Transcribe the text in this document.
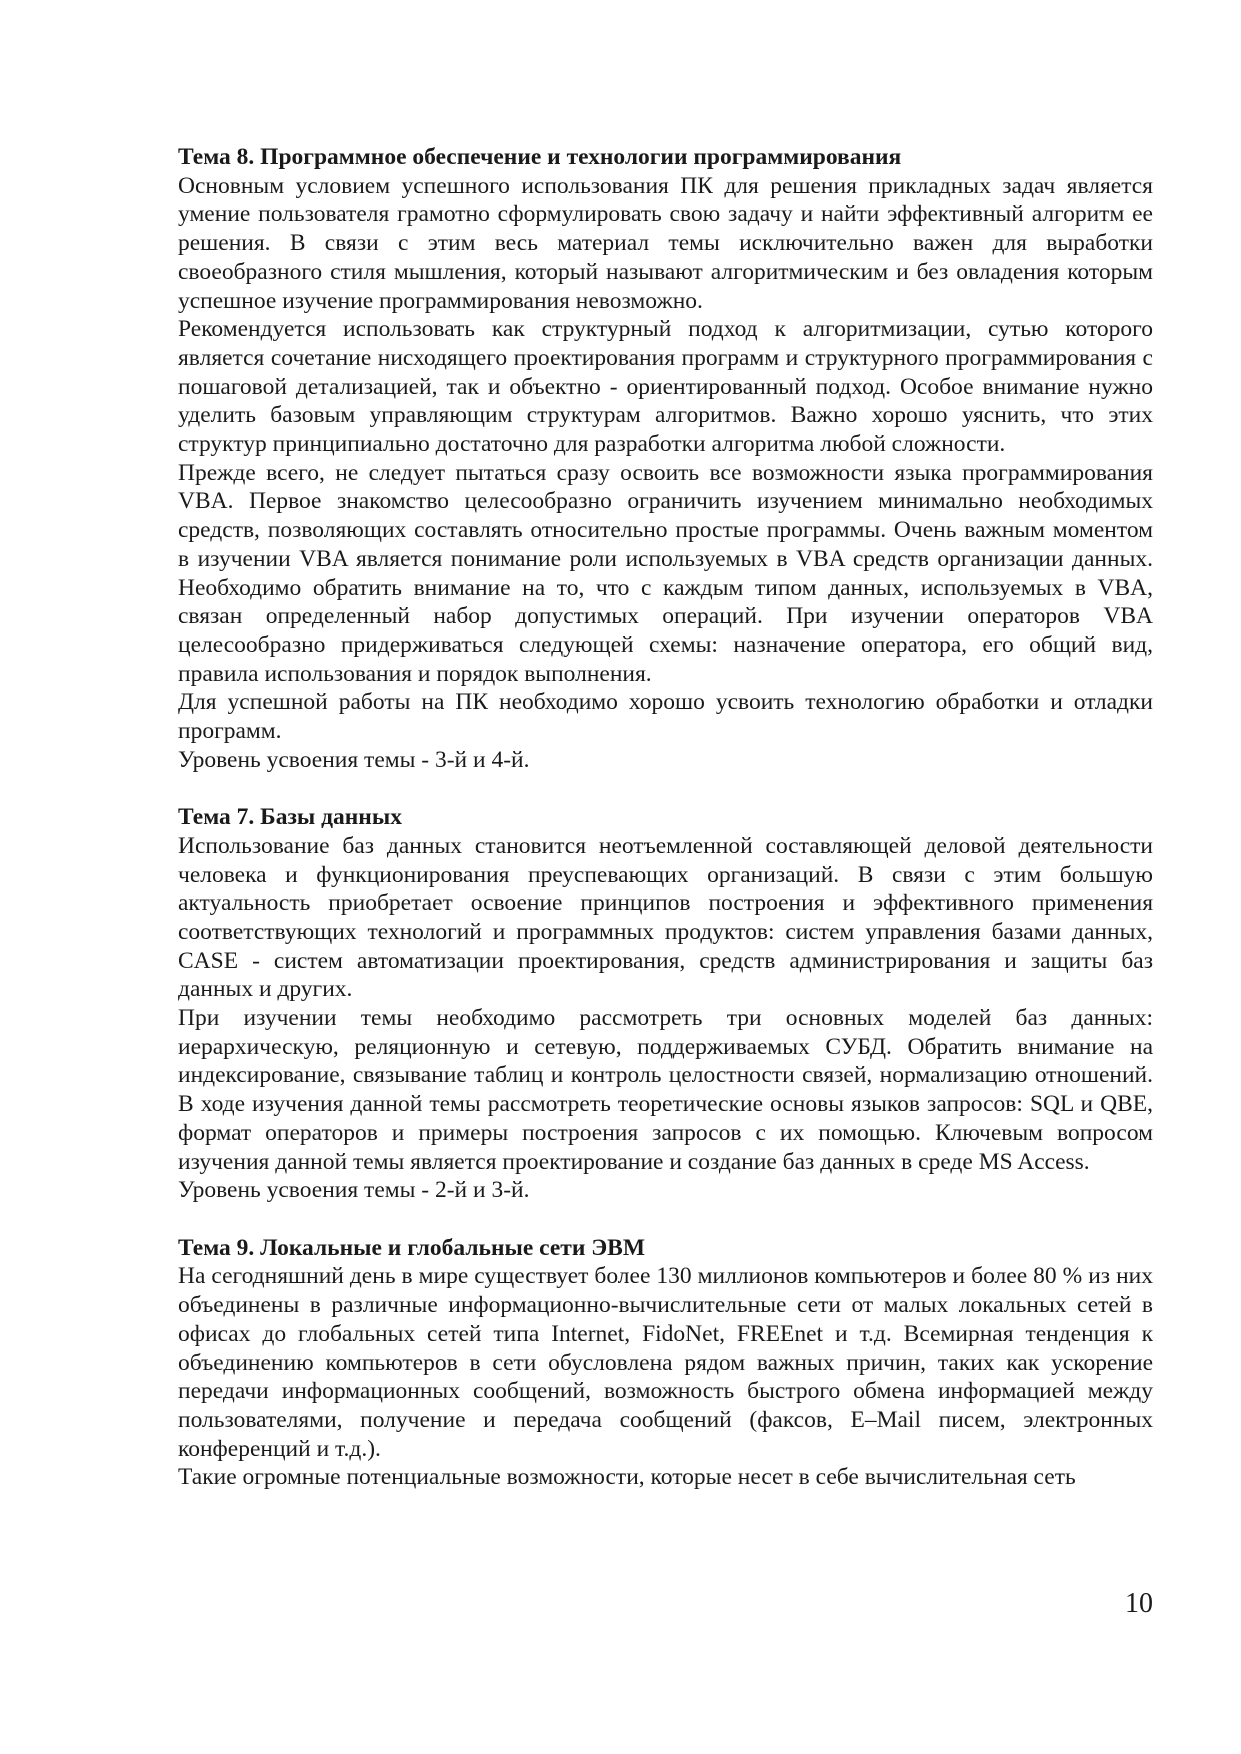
Тема 8. Программное обеспечение и технологии программирования

Основным условием успешного использования ПК для решения прикладных задач является умение пользователя грамотно сформулировать свою задачу и найти эффективный алгоритм ее решения. В связи с этим весь материал темы исключительно важен для выработки своеобразного стиля мышления, который называют алгоритмическим и без овладения которым успешное изучение программирования невозможно.

Рекомендуется использовать как структурный подход к алгоритмизации, сутью которого является сочетание нисходящего проектирования программ и структурного программирования с пошаговой детализацией, так и объектно - ориентированный подход. Особое внимание нужно уделить базовым управляющим структурам алгоритмов. Важно хорошо уяснить, что этих структур принципиально достаточно для разработки алгоритма любой сложности.

Прежде всего, не следует пытаться сразу освоить все возможности языка программирования VBA. Первое знакомство целесообразно ограничить изучением минимально необходимых средств, позволяющих составлять относительно простые программы. Очень важным моментом в изучении VBA является понимание роли используемых в VBA средств организации данных. Необходимо обратить внимание на то, что с каждым типом данных, используемых в VBA, связан определенный набор допустимых операций. При изучении операторов VBA целесообразно придерживаться следующей схемы: назначение оператора, его общий вид, правила использования и порядок выполнения.

Для успешной работы на ПК необходимо хорошо усвоить технологию обработки и отладки программ.

Уровень усвоения темы - 3-й и 4-й.

Тема 7. Базы данных

Использование баз данных становится неотъемленной составляющей деловой деятельности человека и функционирования преуспевающих организаций. В связи с этим большую актуальность приобретает освоение принципов построения и эффективного применения соответствующих технологий и программных продуктов: систем управления базами данных, CASE - систем автоматизации проектирования, средств администрирования и защиты баз данных и других.

При изучении темы необходимо рассмотреть три основных моделей баз данных: иерархическую, реляционную и сетевую, поддерживаемых СУБД. Обратить внимание на индексирование, связывание таблиц и контроль целостности связей, нормализацию отношений. В ходе изучения данной темы рассмотреть теоретические основы языков запросов: SQL и QBE, формат операторов и примеры построения запросов с их помощью. Ключевым вопросом изучения данной темы является проектирование и создание баз данных в среде MS Access.

Уровень усвоения темы - 2-й и 3-й.

Тема 9. Локальные и глобальные сети ЭВМ

На сегодняшний день в мире существует более 130 миллионов компьютеров и более 80 % из них объединены в различные информационно-вычислительные сети от малых локальных сетей в офисах до глобальных сетей типа Internet, FidoNet, FREEnet и т.д. Всемирная тенденция к объединению компьютеров в сети обусловлена рядом важных причин, таких как ускорение передачи информационных сообщений, возможность быстрого обмена информацией между пользователями, получение и передача сообщений (факсов, E–Mail писем, электронных конференций и т.д.).

Такие огромные потенциальные возможности, которые несет в себе вычислительная сеть

10
